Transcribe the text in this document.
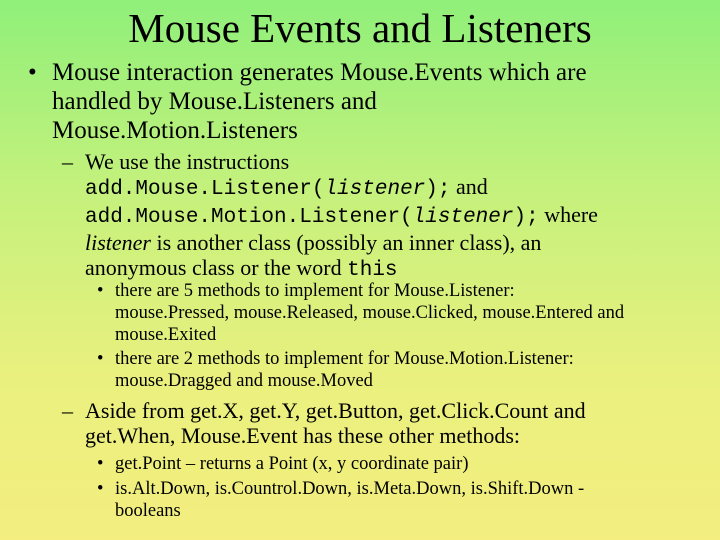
Mouse Events and Listeners
• Mouse interaction generates Mouse.Events which are
handled by Mouse.Listeners and
Mouse.Motion.Listeners
– We use the instructions
add.Mouse.Listener(listener); and
add.Mouse.Motion.Listener(listener); where
listener is another class (possibly an inner class), an
anonymous class or the word this
• there are 5 methods to implement for Mouse.Listener:
mouse.Pressed, mouse.Released, mouse.Clicked, mouse.Entered and
mouse.Exited
• there are 2 methods to implement for Mouse.Motion.Listener:
mouse.Dragged and mouse.Moved
– Aside from get.X, get.Y, get.Button, get.Click.Count and
get.When, Mouse.Event has these other methods:
• get.Point – returns a Point (x, y coordinate pair)
• is.Alt.Down, is.Countrol.Down, is.Meta.Down, is.Shift.Down -
booleans
